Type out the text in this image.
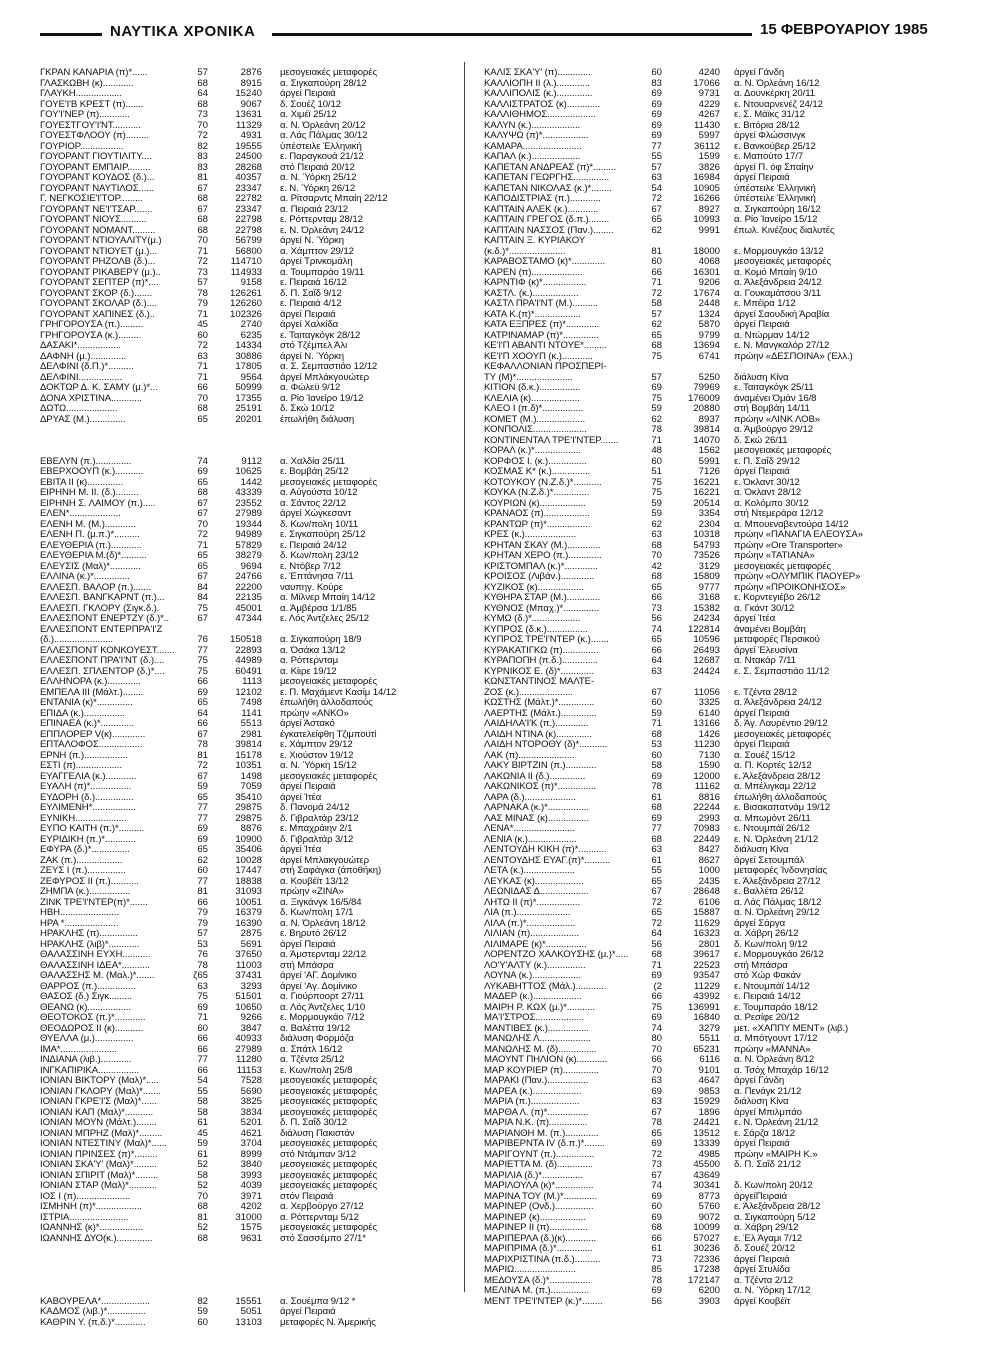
ΝΑΥΤΙΚΑ ΧΡΟΝΙΚΑ	15 ΦΕΒΡΟΥΑΡΙΟΥ 1985
ΓΚΡΑΝ ΚΑΝΑΡΙΑ (π)*......	57	2876 μεσογειακές μεταφορές
ΓΛΑΣΚΩΒΗ (κ)............	68	8915 α. Σιγκαπούρη 28/12
ΓΛΑΥΚΗ..................	64	15240 άργεί Πειραιά
ΓΟΥΕ'Ι'Β ΚΡΕΣΤ (π).......	68	9067 δ. Σουέζ 10/12
ΓΟΥ'Ι'ΝΕΡ (π)............	73	13631 α. Χιμέϊ 25/12
ΓΟΥΕΣΤΓΟΥ'Ι'ΝΤ...........	70	11329 α. Ν. Όρλεάνη 20/12
ΓΟΥΕΣΤΦΛΟΟΥ (π).........	72	4931 α. Λάς Πάλμας 30/12
ΓΟΥΡΙΟΡ.................	82	19555 ύπέστειλε Έλληνική
ΓΟΥΟΡΑΝΤ ΓΙΟΥΤΙΛΙΤΥ....	83	24500 ε. Παραγκουά 21/12
ΓΟΥΟΡΑΝΤ ΕΜΠΑΙΡ.........	83	28268 στό Πειραιά 20/12
ΓΟΥΟΡΑΝΤ ΚΟΥΔΟΣ (δ.)...	81	40357 α. Ν. Ύόρκη 25/12
ΓΟΥΟΡΑΝΤ ΝΑΥΤΙΛΟΣ......	67	23347 ε. Ν. Ύόρκη 26/12
Γ. ΝΕΓΚΟΣΙΕ'Ι'ΤΟΡ.........	68	22782 α. Ρίτσαρντς Μπαίη 22/12
ΓΟΥΟΡΑΝΤ ΝΕ'Ι'ΤΣΑΡ.......	67	23347 α. Πειραιά 23/12
ΓΟΥΟΡΑΝΤ ΝΙΟΥΣ..........	68	22798 ε. Ρόττερνταμ 28/12
ΓΟΥΟΡΑΝΤ ΝΟΜΑΝΤ.........	68	22798 ε. Ν. Όρλεάνη 24/12
ΓΟΥΟΡΑΝΤ ΝΤΙΟΥΑΛΙΤΥ(μ.)	70	56799 άργεί Ν. Ύόρκη
ΓΟΥΟΡΑΝΤ ΝΤΙΟΥΕΤ (μ.)...	71	56800 α. Χάμπτον 29/12
ΓΟΥΟΡΑΝΤ ΡΗΖΟΛΒ (δ.)...	72	114710 άργεί Τρινκομάλη
ΓΟΥΟΡΑΝΤ ΡΙΚΑΒΕΡΥ (μ.)..	73	114933 α. Τουμπαράο 19/11
ΓΟΥΟΡΑΝΤ ΣΕΠΤΕΡ (π)*....	57	9158 ε. Πειραιά 16/12
ΓΟΥΟΡΑΝΤ ΣΚΟΡ (δ.).......	78	126261 δ. Π. Σαΐδ 9/12
ΓΟΥΟΡΑΝΤ ΣΚΟΛΑΡ (δ.)....	79	126260 ε. Πειραιά 4/12
ΓΟΥΟΡΑΝΤ ΧΑΠΙΝΕΣ (δ.)..	71	102326 άργεί Πειραιά
ΓΡΗΓΟΡΟΥΣΑ (π.).........	45	2740 άργεί Χαλκίδα
ΓΡΗΓΟΡΟΥΣΑ (κ.).........	60	6235 ε. Ταιταγκόγκ 28/12
ΔΑΣΑΚΙ*.................	72	14334 στό Τζέμπελ Άλι
ΔΑΦΝΗ (μ.)..............	63	30886 άργεί Ν. Ύόρκη
ΔΕΛΦΙΝΙ (δ.Π.)*..........	71	17805 α. Σ. Σεμπαστιάο 12/12
ΔΕΛΦΙΝΙ.................	71	9564 άργεί Μπλάκγουώτερ
ΔΟΚΤΩΡ Δ. Κ. ΣΑΜΥ (μ.)*...	66	50999 α. Φώλεϋ 9/12
ΔΟΝΑ ΧΡΙΣΤΙΝΑ............	70	17355 α. Ρίο Ίανείρο 19/12
ΔΩΤΩ....................	68	25191 δ. Σκώ 10/12
ΔΡΥΑΣ (Μ.)..............	65	20201 έπωλήθη διάλυση
ΕΒΕΛΥΝ (π.)..............	74	9112 α. Χαλδία 25/11
ΕΒΕΡΧΟΟΥΠ (κ.)...........	69	10625 ε. Βομβάη 25/12
ΕΒΙΤΑ ΙΙ (κ)..............	65	1442 μεσογειακές μεταφορές
ΕΙΡΗΝΗ Μ. ΙΙ. (δ.).........	68	43339 α. Αύγούστα 10/12
ΕΙΡΗΝΗ Σ. ΛΑΙΜΟΥ (π.).....	67	23552 α. Σάντος 22/12
ΕΛΕΝ*....................	67	27989 άργεί Χώγκεσαντ
ΕΛΕΝΗ Μ. (Μ.)............	70	19344 δ. Κων/πολη 10/11
ΕΛΕΝΗ Π. (μ.π.)*..........	72	94989 ε. Σιγκαπούρη 25/12
ΕΛΕΥΘΕΡΙΑ (π.)............	71	57829 ε. Πειραιά 24/12
ΕΛΕΥΘΕΡΙΑ Μ.(δ)*..........	65	38279 δ. Κων/πολη 23/12
ΕΛΕΥΣΙΣ (Μαλ)*............	65	9694 ε. Ντόβερ 7/12
ΕΛΛΙΝΑ (κ.)*..............	67	24766 ε. Έπτάνησα 7/11
ΕΛΛΕΣΠ. ΒΑΛΟΡ (π.).......	84	22200 ναυπηγ. Κούρε
ΕΛΛΕΣΠ. ΒΑΝΓΚΑΡΝΤ (π.)...	84	22135 α. Μίλνερ Μπαίη 14/12
ΕΛΛΕΣΠ. ΓΚΛΟΡΥ (Σιγκ.δ.).	75	45001 α. Άμβέρσα 1/1/85
ΕΛΛΕΣΠΟΝΤ ΕΝΕΡΤΖΥ (δ.)*..	67	47344 ε. Λός Άντζελες 25/12
ΕΛΛΕΣΠΟΝΤ ΕΝΤΕΡΠΡΑ'Ι'Ζ
(δ.).......................	76	150518 α. Σιγκαπούρη 18/9
ΕΛΛΕΣΠΟΝΤ ΚΟΝΚΟΥΕΣΤ.......	77	22893 α. Όσάκα 13/12
ΕΛΛΕΣΠΟΝΤ ΠΡΑ'Ι'ΝΤ (δ.)....	75	44989 α. Ρόττερνταμ
ΕΛΛΕΣΠ. ΣΠΛΕΝΤΟΡ (δ.)*....	75	60491 α. Κίιρε 19/12
ΕΛΛΗΝΟΡΑ (κ.).............	66	1113 μεσογειακές μεταφορές
ΕΜΠΕΛΑ ΙΙΙ (Μάλτ.)........	69	12102 ε. Π. Μαχάμεντ Κασίμ 14/12
ΕΝΤΑΝΙΑ (κ)*..............	65	7498 έπωλήθη άλλοδαπούς
ΕΠΙΔΑ (κ.)................	64	1141 πρώην «ΑΝΚΟ»
ΕΠΙΝΑΕΑ (κ.)*.............	66	5513 άργεί Άστακό
ΕΠΠΛΟΡΕΡ V(κ).............	67	2981 έγκατελείφθη Τζιμπουτί
ΕΠΤΑΛΟΦΟΣ.................	78	39814 ε. Χάμπτον 29/12
ΕΡΝΗ (π.).................	81	15178 ε. Χιούστον 19/12
ΕΣΤΙ (π)..................	72	10351 α. Ν. Ύόρκη 15/12
ΕΥΑΓΓΕΛΙΑ (κ.)............	67	1498 μεσογειακές μεταφορές
ΕΥΑΛΗ (π)*................	59	7059 άργεί Πειραιά
ΕΥΔΟΡΗ (δ.)...............	65	35410 άργεί Ίτέα
ΕΥΛΙΜΕΝΗ*.................	77	29875 δ. Πανομά 24/12
ΕΥΝΙΚΗ....................	77	29875 δ. Γιβραλτάρ 23/12
ΕΥΠΟ ΚΑΙΤΗ (π.)*..........	69	8876 ε. Μπαχράιην 2/1
ΕΥΡΙΔΙΚΗ (π.)*............	69	10900 δ. Γιβραλτάρ 3/12
ΕΦΥΡΑ (δ.)*...............	65	35406 άργεί Ίτέα
ΖΑΚ (π.)..................	62	10028 άργεί Μπλακγουώτερ
ΖΕΥΣ Ι (π.)...............	60	17447 στή Σαφάγκα (άποθήκη)
ΖΕΦΥΡΟΣ ΙΙ (π.)...........	77	18838 α. Κουβέϊτ 13/12
ΖΗΜΠΑ (κ.)................	81	31093 πρώην «ΖΙΝΑ»
ΖΙΝΚ ΤΡΕ'Ι'ΝΤΕΡ(π)*.......	66	10051 α. Ξιγκάνγκ 16/5/84
ΗΒΗ.......................	79	16379 δ. Κων/πολη 17/1
ΗΡΑ *.....................	79	16390 α. Ν. Όρλεάνη 18/12
ΗΡΑΚΛΗΣ (π)...............	57	2875 ε. Βηρυτό 26/12
ΗΡΑΚΛΗΣ (λιβ)*............	53	5691 άργεί Πειραιά
ΘΑΛΑΣΣΙΝΗ ΕΥΧΗ...........	76	37650 α. Άμστερνταμ 22/12
ΘΑΛΑΣΣΙΝΗ ΙΔΕΑ*...........	78	11003 στή Μπάσρα
ΘΑΛΑΣΣΗΣ Μ. (Μαλ.)*.......	ζ65	37431 άργεί 'ΑΓ. Δομίνικο
ΘΑΡΡΟΣ (π.)...............	63	3293 άργεί 'Αγ. Δομίνικο
ΘΑΣΟΣ (δ.) Σιγκ.........	75	51501 α. Γιούρποορτ 27/11
ΘΕΑΝΩ (κ).................	69	10650 α. Λός Άντζελες 1/10
ΘΕΟΤΟΚΟΣ (π.)*............	71	9266 ε. Μορμουγκάο 7/12
ΘΕΟΔΩΡΟΣ ΙΙ (κ)...........	60	3847 α. Βαλέττα 19/12
ΘΥΕΛΛΑ (μ.)...............	66	40933 διάλυση Φορμόζα
ΙΜΑ*......................	66	27989 α. Σπάτλ 16/12
ΙΝΔΙΑΝΑ (λιβ.)............	77	11280 α. Τζέντα 25/12
ΙΝΓΚΑΠΙΡΙΚΑ................	66	11153 ε. Κων/πολη 25/8
ΙΟΝΙΑΝ ΒΙΚΤΟΡΥ (Μαλ)*.....	54	7528 μεσογειακές μεταφορές
ΙΟΝΙΑΝ ΓΚΛΟΡΥ (Μαλ)*.......	55	5690 μεσογειακές μεταφορές
ΙΟΝΙΑΝ ΓΚΡΕ'Ι'Σ (Μαλ)*......	58	3825 μεσογειακές μεταφορές
ΙΟΝΙΑΝ ΚΑΠ (Μαλ)*...........	58	3834 μεσογειακές μεταφορές
ΙΟΝΙΑΝ ΜΟΥΝ (Μάλτ.)........	61	5201 δ. Π. Σαΐδ 30/12
ΙΟΝΙΑΝ ΜΠΡΗΖ (Μαλ)*.........	45	4621 διάλυση Πακιστάν
ΙΟΝΙΑΝ ΝΤΕΣΤΙΝΥ (Μαλ)*......	59	3704 μεσογειακές μεταφορές
ΙΟΝΙΑΝ ΠΡΙΝΣΕΣ (π)*.........	61	8999 στό Ντάμπαν 3/12
ΙΟΝΙΑΝ ΣΚΑ'Υ' (Μαλ)*.........	52	3840 μεσογειακές μεταφορές
ΙΟΝΙΑΝ ΣΠΙΡΙΤ (Μαλ)*.........	58	3993 μεσογειακές μεταφορές
ΙΟΝΙΑΝ ΣΤΑΡ (Μαλ)*...........	52	4039 μεσογειακές μεταφορές
ΙΟΣ Ι (π).....................	70	3971 στόν Πειραιά
ΙΣΜΗΝΗ (π)*..................	68	4202 α. Χερβούργο 27/12
ΙΣΤΡΙΑ.......................	81	31000 α. Ρόττερνταμ 5/12
ΙΩΑΝΝΗΣ (κ)*.................	52	1575 μεσογειακές μεταφορές
ΙΩΑΝΝΗΣ ΔΥΟ(κ.)..............	68	9631 στό Σασσέμπο 27/1*
ΚΑΒΟΥΡΕΛΑ*...................	82	15551 α. Σουέμπα 9/12 *
ΚΑΔΜΟΣ (λιβ.)*...............	59	5051 άργεί Πειραιά
ΚΑΘΡΙΝ Υ. (π.δ.)*............	60	13103 μεταφορές Ν. Άμερικής
ΚΑΛΙΣ ΣΚΑ'Υ' (π).............	60	4240 άργεί Γάνδη
ΚΑΛΛΙΟΠΗ ΙΙ (λ.).............	83	17066 α. Ν. Όρλεάνη 16/12
ΚΑΛΛΙΠΟΛΙΣ (κ.)..............	69	9731 α. Δουνκέρκη 20/11
ΚΑΛΛΙΣΤΡΑΤΟΣ (κ).............	69	4229 ε. Ντουαρνενέζ 24/12
ΚΑΛΛΙΘΗΜΟΣ...................	69	4267 ε. Σ. Μάϊκς 31/12
ΚΑΛΥΝ (κ.)...................	69	11430 ε. Βιτόρια 28/12
ΚΑΛΥΨΩ (π)*..................	69	5997 άργεί Φλώσσινγκ
ΚΑΜΑΡΑ.......................	77	36112 ε. Βανκούβερ 25/12
ΚΑΠΑΛ (κ.)...................	55	1599 ε. Μαπούτο 17/7
ΚΑΠΕΤΑΝ ΑΝΔΡΕΑΣ (π)*.........	57	3826 άργεί Π. όφ Σπαίην
ΚΑΠΕΤΑΝ ΓΕΩΡΓΗΣ..............	63	16984 άργεί Πειραιά
ΚΑΠΕΤΑΝ ΝΙΚΟΛΑΣ (κ.)*........	54	10905 ύπέστειλε Έλληνική
ΚΑΠΟΔΙΣΤΡΙΑΣ (π.)............	72	16266 ύπέστειλε Έλληνική
ΚΑΠΤΑΙΝ ΑΛΕΚ (κ.)............	67	8927 α. Σιγκαπούρη 16/12
ΚΑΠΤΑΙΝ ΓΡΕΓΟΣ (δ.π.)........	65	10993 α. Ρίο Ίανείρο 15/12
ΚΑΠΤΑΙΝ ΝΑΣΣΟΣ (Παν.)........	62	9991 έπωλ. Κινέζους διαλυτές
ΚΑΠΤΑΙΝ Ξ. ΚΥΡΙΑΚΟΥ
(κ.δ.)*......................	81	18000 ε. Μορμουγκάο 13/12
ΚΑΡΑΒΟΣΤΑΜΟ (κ)*.............	60	4068 μεσογειακές μεταφορές
ΚΑΡΕΝ (π)....................	66	16301 α. Κομό Μπαίη 9/10
ΚΑΡΝΤΙΦ (κ)*.................	71	9206 α. Άλεξάνδρεια 24/12
ΚΑΣΤΛ. (κ.)..................	72	17674 α. Γουκαμάτσου 3/11
ΚΑΣΤΛ ΠΡΑ'Ι'ΝΤ (Μ.)..........	58	2448 ε. Μπέϊρα 1/12
ΚΑΤΑ Κ.(π)*..................	57	1324 άργεί Σαουδική Άραβία
ΚΑΤΑ ΕΞΠΡΕΣ (π)*.............	62	5870 άργεί Πειραιά
ΚΑΤΡΙΝΑΜΑΡ (π)*..............	65	9799 α. Ντώρμαν 14/12
ΚΕ'Ι'Π ΑΒΑΝΤΙ ΝΤΟΥΕ*.........	68	13694 ε. Ν. Μανγκαλόρ 27/12
ΚΕ'Ι'Π ΧΟΟΥΠ (κ.)............	75	6741 πρώην «ΔΕΣΠΟΙΝΑ» (Έλλ.)
ΚΕΦΑΛΛΟΝΙΑΝ ΠΡΟΣΠΕΡΙ-
ΤΥ (Μ)*......................	57	5250 διάλυση Κίνα
ΚΙΤΙΟΝ (δ.κ.)................	69	79969 ε. Ταιταγκόγκ 25/11
ΚΛΕΛΙΑ (κ)...................	75	176009 άναμένει Όμάν 16/8
ΚΛΕΟ Ι (π.δ)*................	59	20880 στή Βομβάη 14/11
ΚΟΜΕΤ (Μ.)...................	62	8937 πρώην «ΛΙΝΚ ΛΟΒ»
ΚΟΝΠΟΛΙΣ.....................	78	39814 α. Άμβούργο 29/12
ΚΟΝΤΙΝΕΝΤΑΛ ΤΡΕ'Ι'ΝΤΕΡ.......	71	14070 δ. Σκώ 26/11
ΚΟΡΑΛ (κ.)*..................	48	1562 μεσογειακές μεταφορές
ΚΟΡΦΟΣ Ι. (κ.)...............	60	5991 ε. Π. Σαΐδ 29/12
ΚΟΣΜΑΣ Κ* (κ.)...............	51	7126 άργεί Πειραιά
ΚΟΤΟΥΚΟΥ (Ν.Ζ.δ.)*...........	75	16221 ε. Όκλαντ 30/12
ΚΟΥΚΑ (Ν.Ζ.δ.)*..............	75	16221 α. Όκλαντ 28/12
ΚΟΥΡΙΩΝ (κ)..................	59	20514 α. Κολόμπο 30/12
ΚΡΑΝΑΟΣ (π)..................	59	3354 στή Ντεμεράρα 12/12
ΚΡΑΝΤΩΡ (π)*.................	62	2304 α. Μπουεναβεντούρα 14/12
ΚΡΕΣ (κ.)....................	63	10318 πρώην «ΠΑΝΑΓΙΑ ΕΛΕΟΥΣΑ»
ΚΡΗΤΑΝ ΣΚΑΥ (Μ.).............	68	54793 πρώην «Ore Transporter»
ΚΡΗΤΑΝ ΧΕΡΟ (π.).............	70	73526 πρώην «ΤΑΤΙΑΝΑ»
ΚΡΙΣΤΟΜΠΑΛ (κ.)*.............	42	3129 μεσογειακές μεταφορές
ΚΡΟΙΣΟΣ (Λιβάν.).............	68	15809 πρώην «ΟΛΥΜΠΙΚ ΠΑΟΥΕΡ»
ΚΥΖΙΚΟΣ (κ)..................	65	9777 πρώην «ΠΡΟΙΚΟΝΗΣΟΣ»
ΚΥΘΗΡΑ ΣΤΑΡ (Μ.).............	66	3168 ε. Κορντεγιέβο 26/12
ΚΥΘΝΟΣ (Μπαχ.)*..............	73	15382 α. Γκάντ 30/12
ΚΥΜΩ (δ.)*...................	56	24234 άργεί Ίτέα
ΚΥΠΡΟΣ (δ.κ.)................	74	122814 άναμένει Βομβάη
ΚΥΠΡΟΣ ΤΡΕ'Ι'ΝΤΕΡ (κ.).......	65	10596 μεταφορές Περσικού
ΚΥΡΑΚΑΤΙΓΚΩ (π)..............	66	26493 άργεί Έλευσίνα
ΚΥΡΑΠΟΠΗ (π.δ.)..............	64	12687 α. Ντακάρ 7/11
ΚΥΡΝΙΚΟΣ Ε. (δ)*.............	63	24424 ε. Σ. Σεμπαστιάο 11/12
ΚΩΝΣΤΑΝΤΙΝΟΣ ΜΑΛΤΕ-
ΖΟΣ (κ.).....................	67	11056 ε. Τζέντα 28/12
ΚΩΣΤΗΣ (Μάλτ.)*..............	60	3325 α. Άλεξάνδρεια 24/12
ΛΑΕΡΤΗΣ (Μάλτ.)..............	59	6140 άργεί Πειραιά
ΛΑΙΔΗΛΑ'Ι'Κ (π.).............	71	13166 δ. Άγ. Λαυρέντιο 29/12
ΛΑΙΔΗ ΝΤΙΝΑ (κ)..............	68	1426 μεσογειακές μεταφορές
ΛΑΙΔΗ ΝΤΟΡΟΘΥ (δ)*...........	53	11230 άργεί Πειραιά
ΛΑΚ (π)......................	60	7130 α. Σουέζ 15/12
ΛΑΚΥ ΒΙΡΤΖΙΝ (π.)............	58	1590 α. Π. Κορτές 12/12
ΛΑΚΩΝΙΑ ΙΙ (δ.)..............	69	12000 ε. Άλεξάνδρεια 28/12
ΛΑΚΩΝΙΚΟΣ (π)*...............	78	11162 α. Μπέλιγκαμ 22/12
ΛΑΡΑ (δ.)....................	61	8816 έπωλήθη άλλοδαπούς
ΛΑΡΝΑΚΑ (κ.)*................	68	22244 ε. Βισακαπατνάμ 19/12
ΛΑΣ ΜΙΝΑΣ (κ)................	69	2993 α. Μπωμόντ 26/11
ΛΕΝΑ*........................	77	70983 ε. Ντουμπάϊ 26/12
ΛΕΝΙΑ (κ.)...................	68	22449 ε. Ν. Όρλεάνη 21/12
ΛΕΝΤΟΥΔΗ ΚΙΚΗ (π)*...........	63	8427 διάλυση Κίνα
ΛΕΝΤΟΥΔΗΣ ΕΥΑΓ.(π)*..........	61	8627 άργεί Σετουμπάλ
ΛΕΤΑ (κ.)....................	55	1000 μεταφορές Ίνδονησίας
ΛΕΥΚΑΣ (κ)...................	65	2435 ε. Άλεξάνδρεια 27/12
ΛΕΩΝΙΔΑΣ Δ...................	67	28648 ε. Βαλλέτα 26/12
ΛΗΤΩ ΙΙ (π)*.................	72	6106 α. Λάς Πάλμας 18/12
ΛΙΑ (π.).....................	65	15887 α. Ν. Όρλεάνη 29/12
ΛΙΛΑ (π.)*...................	72	11629 άργεί Σάργα
ΛΙΛΙΑΝ (π)...................	64	16323 α. Χάβρη 26/12
ΛΙΛΙΜΑΡΕ (κ)*................	56	2801 δ. Κων/πολη 9/12
ΛΟΡΕΝΤΖΟ ΧΑΛΚΟΥΣΗΣ (μ.)*.....	68	39617 ε. Μορμουγκάο 26/12
ΛΟ'Υ'ΑΛΤΥ (κ.)...............	71	22523 στή Μπάσρα
ΛΟΥΝΑ (κ.)...................	69	93547 στό Χώρ Φακάν
ΛΥΚΑΒΗΤΤΟΣ (Μάλ.)............	(2	11229 ε. Ντουμπάϊ 14/12
ΜΑΔΕΡ (κ.)...................	66	43992 ε. Πειραιά 14/12
ΜΑΙΡΗ Ρ. ΚΩΧ (μ.)*...........	75	136991 ε. Τουμπαράο 18/12
ΜΑ'Ι'ΣΤΡΟΣ...................	69	16840 α. Ρεσίφε 20/12
ΜΑΝΤΙΒΕΣ (κ.)................	74	3279 μετ. «ΧΑΠΠΥ ΜΕΝΤ» (λιβ.)
ΜΑΝΩΛΗΣ Λ....................	80	5511 α. Μπότγουντ 17/12
ΜΑΝΩΛΗΣ Μ. (δ)...............	70	65231 πρώην «ΜΑΝΝΑ»
ΜΑΟΥΝΤ ΠΗΛΙΟΝ (κ)............	66	6116 α. Ν. Όρλεάνη 8/12
ΜΑΡ ΚΟΥΡΙΕΡ (π)..............	70	9101 α. Τσόχ Μπαχάρ 16/12
ΜΑΡΑΚΙ (Παν.)................	63	4647 άργεί Γάνδη
ΜΑΡΕΑ (κ.)...................	69	9853 α. Πενάγκ 21/12
ΜΑΡΙΑ (π.)...................	63	15929 διάλυση Κίνα
ΜΑΡΘΑ Λ. (π)*................	67	1896 άργεί Μπιλμπάο
ΜΑΡΙΑ Ν.Κ. (π)...............	78	24421 ε. Ν. Όρλεάνη 21/12
ΜΑΡΙΑΝΘΗ Μ. (π.).............	65	13512 ε. Σάρζα 18/12
ΜΑΡΙΒΕΡΝΤΑ ΙV (δ.π.)*........	69	13339 άργεί Πειραιά
ΜΑΡΙΓΟΥΝΤ (π.)...............	72	4985 πρώην «ΜΑΙΡΗ Κ.»
ΜΑΡΙΕΤΤΑ Μ. (δ)..............	73	45500 δ. Π. Σαΐδ 21/12
ΜΑΡΙΛΙΑ (δ.)*................	67	43649
ΜΑΡΙΛΟΥΛΑ (κ)*...............	74	30341 δ. Κων/πολη 20/12
ΜΑΡΙΝΑ ΤΟΥ (Μ.)*.............	69	8773 άργείΠειραιά
ΜΑΡΙΝΕΡ (Ονδ.)...............	60	5760 ε. Άλεξάνδρεια 28/12
ΜΑΡΙΝΕΡ (κ)..................	69	9072 α. Σιγκαπούρη 5/12
ΜΑΡΙΝΕΡ ΙΙ (π)...............	68	10099 α. Χάβρη 29/12
ΜΑΡΙΠΕΡΛΑ (δ.)(κ)............	66	57027 ε. Έλ Άγαμι 7/12
ΜΑΡΙΠΡΙΜΑ (δ.)*..............	61	30236 δ. Σουέζ 20/12
ΜΑΡΙΧΡΙΣΤΙΝΑ (π.δ.)..........	73	72336 άργεί Πειραιά
ΜΑΡΙΩ........................	85	17238 άργεί Στυλίδα
ΜΕΔΟΥΣΑ (δ.)*................	78	172147 α. Τζέντα 2/12
ΜΕΛΙΝΑ Μ. (π.)...............	69	6200 α. Ν. Ύόρκη 17/12
ΜΕΝΤ ΤΡΕ'Ι'ΝΤΕΡ (κ.)*........	56	3903 άργεί Κουβέϊτ
